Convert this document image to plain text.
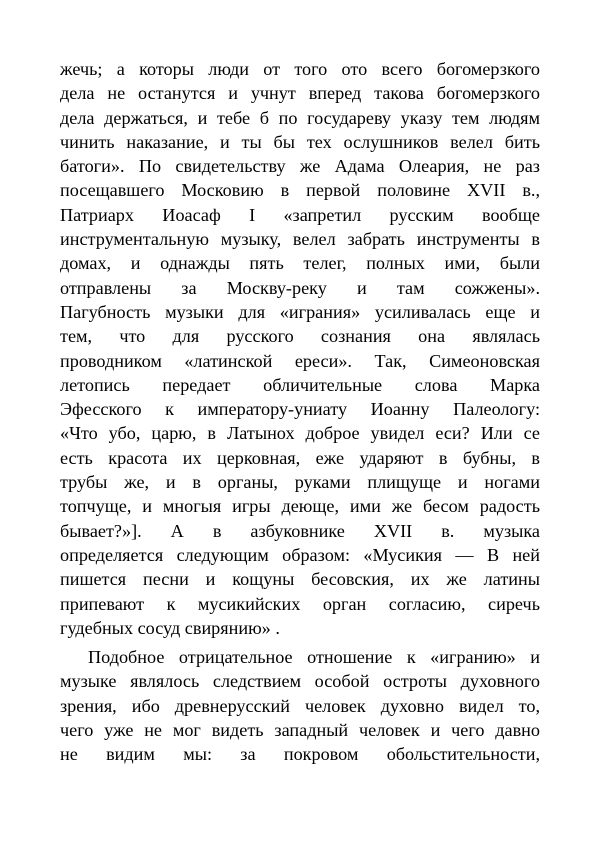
жечь; а которы люди от того ото всего богомерзкого
дела не останутся и учнут вперед такова богомерзкого
дела держаться, и тебе б по государеву указу тем людям
чинить наказание, и ты бы тех ослушников велел бить
батоги». По свидетельству же Адама Олеария, не раз
посещавшего Московию в первой половине XVII в.,
Патриарх Иоасаф I «запретил русским вообще
инструментальную музыку, велел забрать инструменты в
домах, и однажды пять телег, полных ими, были
отправлены за Москву-реку и там сожжены».
Пагубность музыки для «играния» усиливалась еще и
тем, что для русского сознания она являлась
проводником «латинской ереси». Так, Симеоновская
летопись передает обличительные слова Марка
Эфесского к императору-униату Иоанну Палеологу:
«Что убо, царю, в Латынох доброе увидел еси? Или се
есть красота их церковная, еже ударяют в бубны, в
трубы же, и в органы, руками плищуще и ногами
топчуще, и многыя игры деюще, ими же бесом радость
бывает?»]. А в азбуковнике XVII в. музыка
определяется следующим образом: «Мусикия — В ней
пишется песни и кощуны бесовския, их же латины
припевают к мусикийских орган согласию, сиречь
гудебных сосуд свирянию» .
Подобное отрицательное отношение к «игранию» и
музыке являлось следствием особой остроты духовного
зрения, ибо древнерусский человек духовно видел то,
чего уже не мог видеть западный человек и чего давно
не видим мы: за покровом обольстительности,
